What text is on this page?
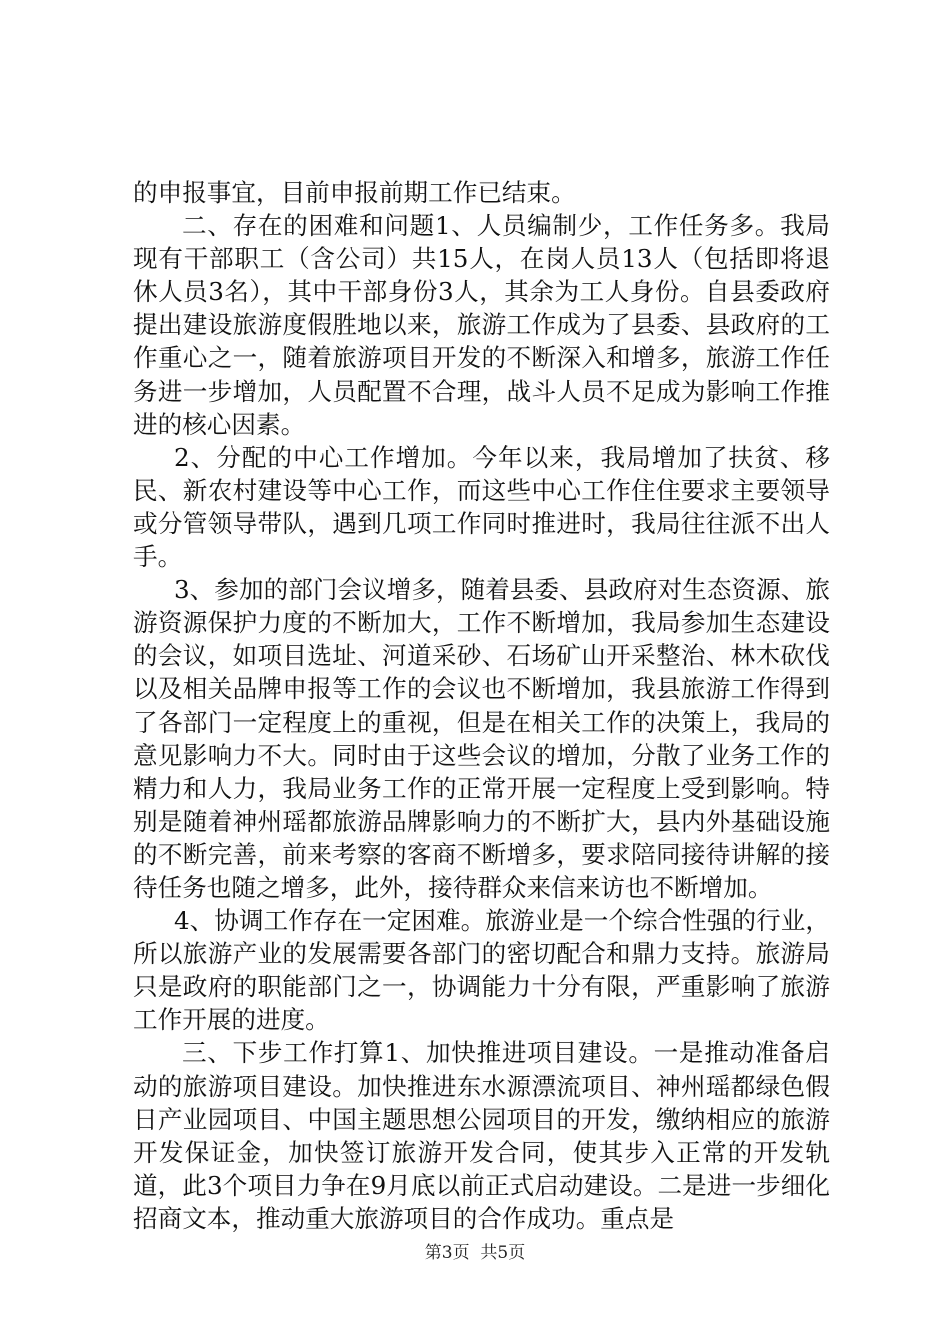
的申报事宜，目前申报前期工作已结束。

二、存在的困难和问题1、人员编制少，工作任务多。我局现有干部职工（含公司）共15人，在岗人员13人（包括即将退休人员3名），其中干部身份3人，其余为工人身份。自县委政府提出建设旅游度假胜地以来，旅游工作成为了县委、县政府的工作重心之一，随着旅游项目开发的不断深入和增多，旅游工作任务进一步增加，人员配置不合理，战斗人员不足成为影响工作推进的核心因素。

2、分配的中心工作增加。今年以来，我局增加了扶贫、移民、新农村建设等中心工作，而这些中心工作住住要求主要领导或分管领导带队，遇到几项工作同时推进时，我局往往派不出人手。

3、参加的部门会议增多，随着县委、县政府对生态资源、旅游资源保护力度的不断加大，工作不断增加，我局参加生态建设的会议，如项目选址、河道采砂、石场矿山开采整治、林木砍伐以及相关品牌申报等工作的会议也不断增加，我县旅游工作得到了各部门一定程度上的重视，但是在相关工作的决策上，我局的意见影响力不大。同时由于这些会议的增加，分散了业务工作的精力和人力，我局业务工作的正常开展一定程度上受到影响。特别是随着神州瑶都旅游品牌影响力的不断扩大，县内外基础设施的不断完善，前来考察的客商不断增多，要求陪同接待讲解的接待任务也随之增多，此外，接待群众来信来访也不断增加。

4、协调工作存在一定困难。旅游业是一个综合性强的行业，所以旅游产业的发展需要各部门的密切配合和鼎力支持。旅游局只是政府的职能部门之一，协调能力十分有限，严重影响了旅游工作开展的进度。

三、下步工作打算1、加快推进项目建设。一是推动准备启动的旅游项目建设。加快推进东水源漂流项目、神州瑶都绿色假日产业园项目、中国主题思想公园项目的开发，缴纳相应的旅游开发保证金，加快签订旅游开发合同，使其步入正常的开发轨道，此3个项目力争在9月底以前正式启动建设。二是进一步细化招商文本，推动重大旅游项目的合作成功。重点是

第3页  共5页
